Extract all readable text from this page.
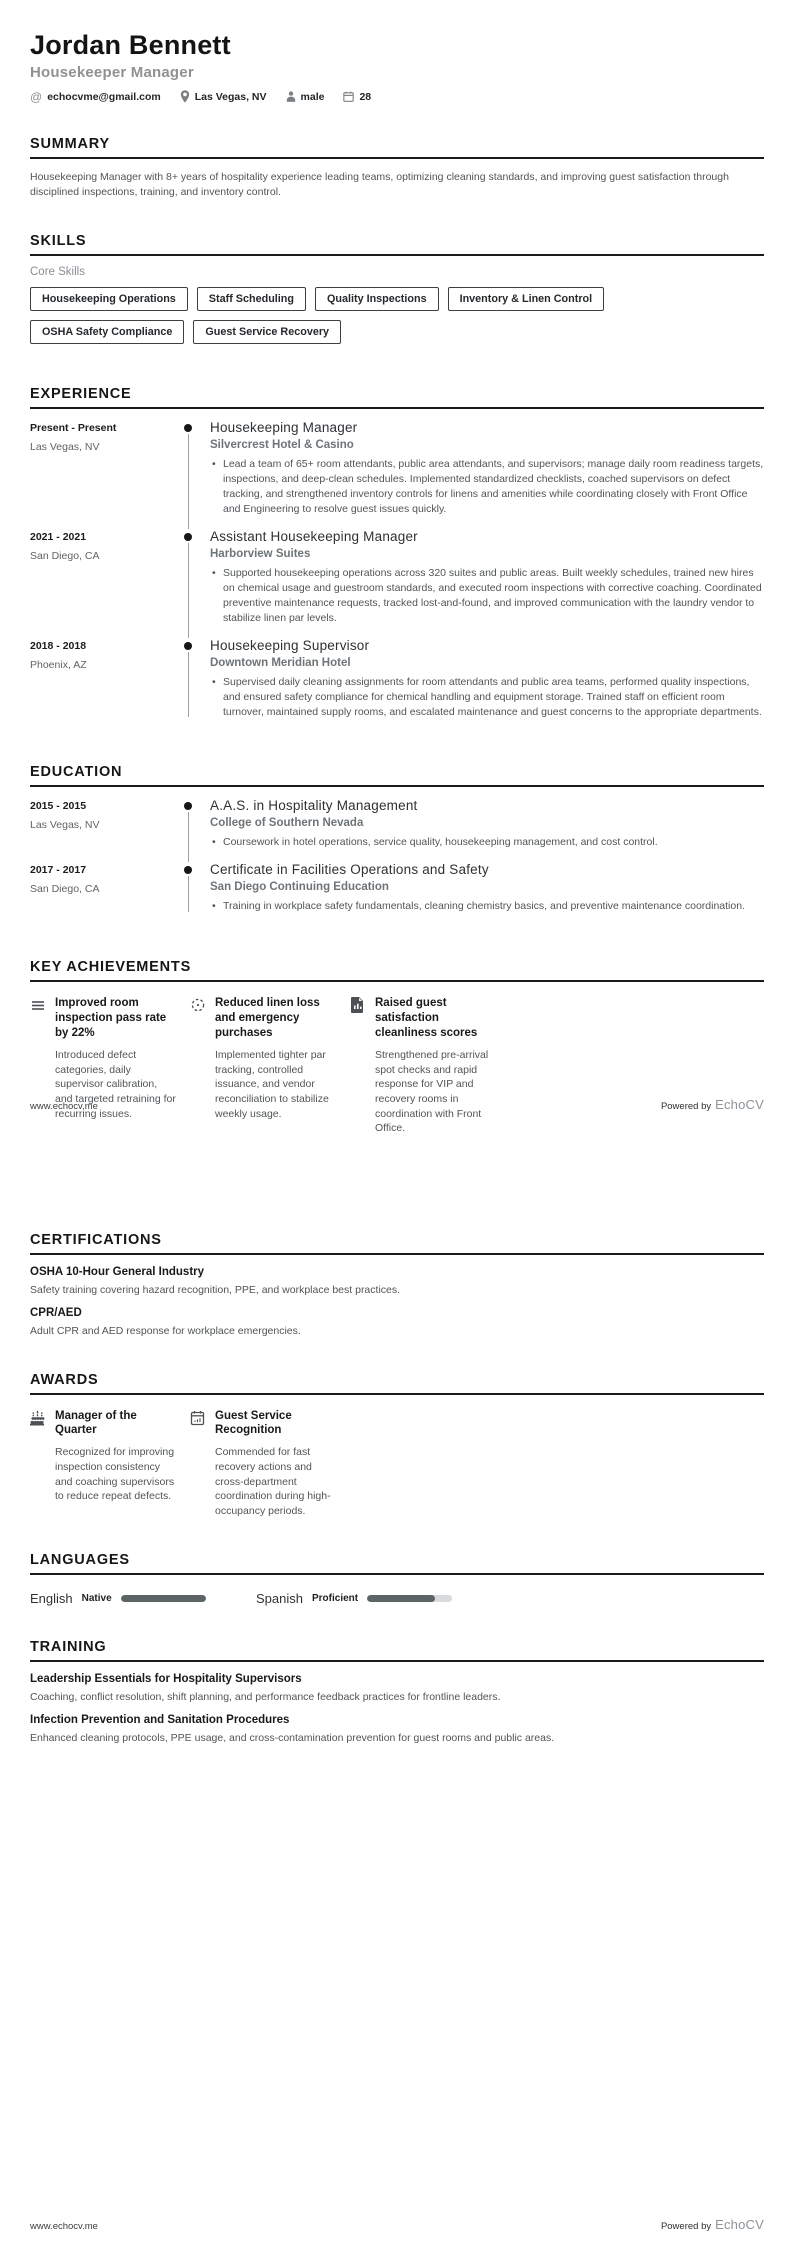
Jordan Bennett
Housekeeper Manager
@ echocvme@gmail.com	Las Vegas, NV	male	28
SUMMARY

Housekeeping Manager with 8+ years of hospitality experience leading teams, optimizing cleaning standards, and improving guest satisfaction through disciplined inspections, training, and inventory control.

SKILLS
Core Skills
Housekeeping Operations	Staff Scheduling	Quality Inspections	Inventory & Linen Control
OSHA Safety Compliance	Guest Service Recovery
EXPERIENCE
Present - Present
Las Vegas, NV
Housekeeping Manager
Silvercrest Hotel & Casino
• Lead a team of 65+ room attendants, public area attendants, and supervisors; manage daily room readiness targets, inspections, and deep-clean schedules. Implemented standardized checklists, coached supervisors on defect tracking, and strengthened inventory controls for linens and amenities while coordinating closely with Front Office and Engineering to resolve guest issues quickly.
2021 - 2021
San Diego, CA
Assistant Housekeeping Manager
Harborview Suites
• Supported housekeeping operations across 320 suites and public areas. Built weekly schedules, trained new hires on chemical usage and guestroom standards, and executed room inspections with corrective coaching. Coordinated preventive maintenance requests, tracked lost-and-found, and improved communication with the laundry vendor to stabilize linen par levels.
2018 - 2018
Phoenix, AZ
Housekeeping Supervisor
Downtown Meridian Hotel
• Supervised daily cleaning assignments for room attendants and public area teams, performed quality inspections, and ensured safety compliance for chemical handling and equipment storage. Trained staff on efficient room turnover, maintained supply rooms, and escalated maintenance and guest concerns to the appropriate departments.
EDUCATION
2015 - 2015
Las Vegas, NV
A.A.S. in Hospitality Management
College of Southern Nevada
• Coursework in hotel operations, service quality, housekeeping management, and cost control.
2017 - 2017
San Diego, CA
Certificate in Facilities Operations and Safety
San Diego Continuing Education
• Training in workplace safety fundamentals, cleaning chemistry basics, and preventive maintenance coordination.
KEY ACHIEVEMENTS
Improved room inspection pass rate by 22%
Introduced defect categories, daily supervisor calibration, and targeted retraining for recurring issues.
Reduced linen loss and emergency purchases
Implemented tighter par tracking, controlled issuance, and vendor reconciliation to stabilize weekly usage.
Raised guest satisfaction cleanliness scores
Strengthened pre-arrival spot checks and rapid response for VIP and recovery rooms in coordination with Front Office.
CERTIFICATIONS
OSHA 10-Hour General Industry
Safety training covering hazard recognition, PPE, and workplace best practices.
CPR/AED
Adult CPR and AED response for workplace emergencies.
AWARDS
Manager of the Quarter
Recognized for improving inspection consistency and coaching supervisors to reduce repeat defects.
Guest Service Recognition
Commended for fast recovery actions and cross-department coordination during high-occupancy periods.
LANGUAGES
English Native	Spanish Proficient
TRAINING
Leadership Essentials for Hospitality Supervisors
Coaching, conflict resolution, shift planning, and performance feedback practices for frontline leaders.
Infection Prevention and Sanitation Procedures
Enhanced cleaning protocols, PPE usage, and cross-contamination prevention for guest rooms and public areas.
www.echocv.me	Powered by EchoCV
www.echocv.me	Powered by EchoCV
